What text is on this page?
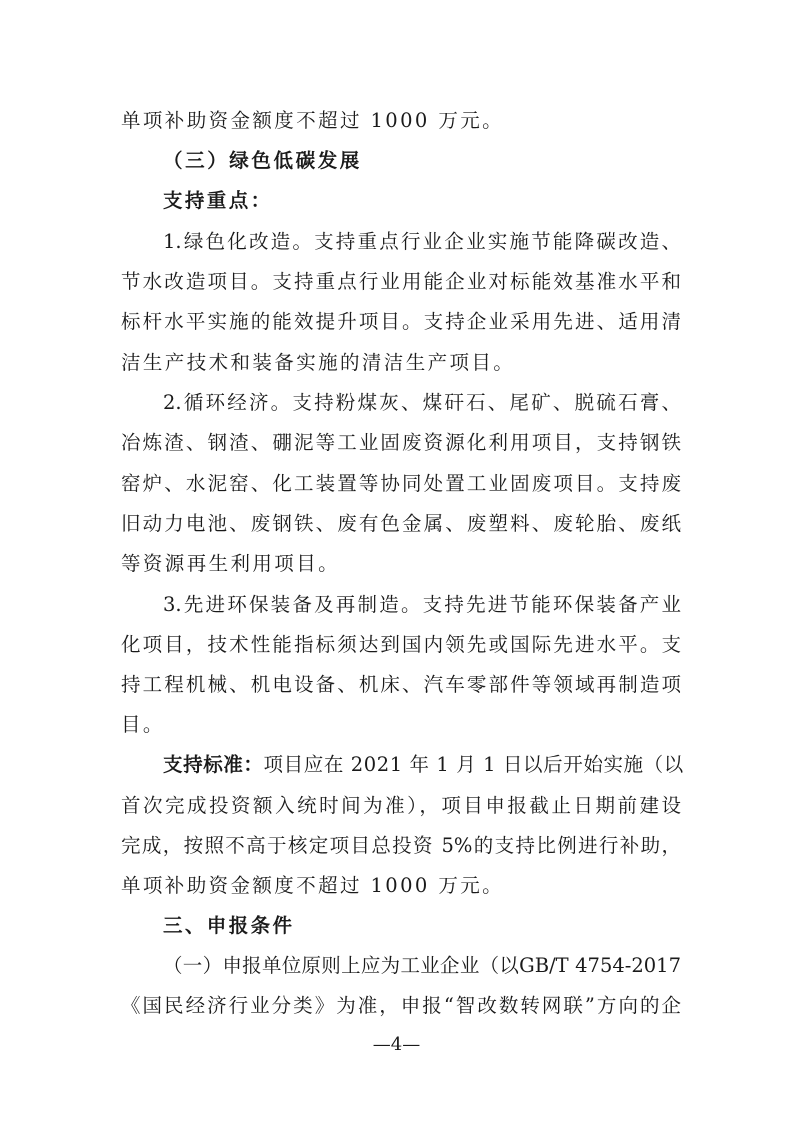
单项补助资金额度不超过 1000 万元。
（三）绿色低碳发展
支持重点：
1.绿色化改造。支持重点行业企业实施节能降碳改造、
节水改造项目。支持重点行业用能企业对标能效基准水平和
标杆水平实施的能效提升项目。支持企业采用先进、适用清
洁生产技术和装备实施的清洁生产项目。
2.循环经济。支持粉煤灰、煤矸石、尾矿、脱硫石膏、
冶炼渣、钢渣、硼泥等工业固废资源化利用项目，支持钢铁
窑炉、水泥窑、化工装置等协同处置工业固废项目。支持废
旧动力电池、废钢铁、废有色金属、废塑料、废轮胎、废纸
等资源再生利用项目。
3.先进环保装备及再制造。支持先进节能环保装备产业
化项目，技术性能指标须达到国内领先或国际先进水平。支
持工程机械、机电设备、机床、汽车零部件等领域再制造项
目。
支持标准：项目应在 2021 年 1 月 1 日以后开始实施（以
首次完成投资额入统时间为准），项目申报截止日期前建设
完成，按照不高于核定项目总投资 5%的支持比例进行补助，
单项补助资金额度不超过 1000 万元。
三、申报条件
（一）申报单位原则上应为工业企业（以GB/T 4754-2017
《国民经济行业分类》为准，申报“智改数转网联”方向的企
—4—
